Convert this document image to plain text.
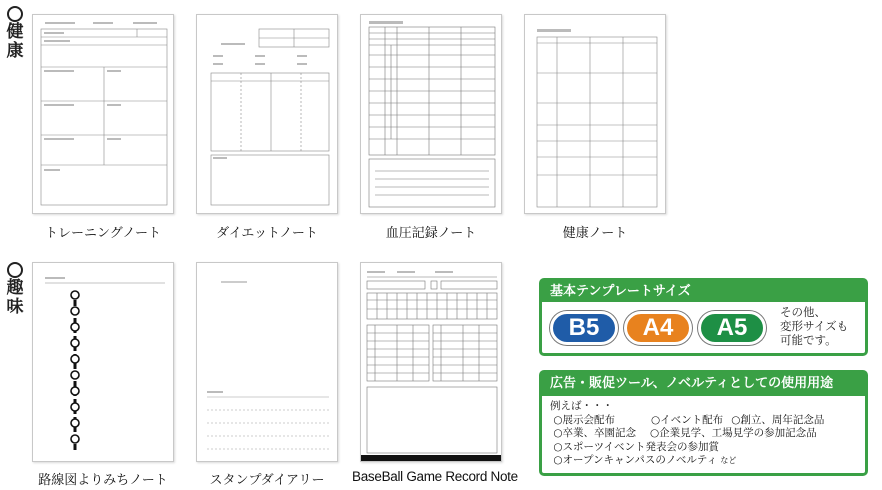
健
康
趣
味
トレーニングノート	ダイエットノート	血圧記録ノート	健康ノート
路線図よりみちノート	スタンプダイアリー	BaseBall Game Record Note
基本テンプレートサイズ
B5	A4	A5
その他、
変形サイズも
可能です。
広告・販促ツール、ノベルティとしての使用用途
例えば・・・
○展示会配布	○イベント配布 ○創立、周年記念品
○卒業、卒園記念 ○企業見学、工場見学の参加記念品
○スポーツイベント発表会の参加賞
○オープンキャンパスのノベルティ など
